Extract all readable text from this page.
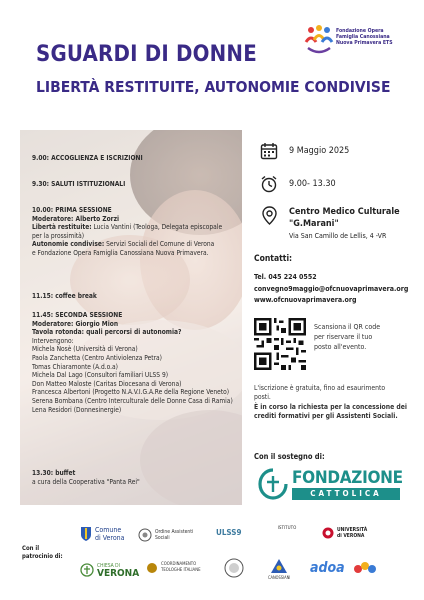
SGUARDI DI DONNE
LIBERTÀ RESTITUITE, AUTONOMIE CONDIVISE
Fondazione Opera
Famiglia Canossiana
Nuova Primavera ETS
9.00: ACCOGLIENZA E ISCRIZIONI
9.30: SALUTI ISTITUZIONALI
10.00: PRIMA SESSIONE
Moderatore: Alberto Zorzi
Libertà restituite: Lucia Vantini (Teologa, Delegata episcopale
per la prossimità)
Autonomie condivise: Servizi Sociali del Comune di Verona
e Fondazione Opera Famiglia Canossiana Nuova Primavera.
11.15: coffee break
11.45: SECONDA SESSIONE
Moderatore: Giorgio Mion
Tavola rotonda: quali percorsi di autonomia?
Intervengono:
Michela Nosè (Università di Verona)
Paola Zanchetta (Centro Antiviolenza Petra)
Tomas Chiaramonte (A.d.o.a)
Michela Dal Lago (Consultori familiari ULSS 9)
Don Matteo Maloste (Caritas Diocesana di Verona)
Francesca Albertoni (Progetto N.A.V.I.G.A.Re della Regione Veneto)
Serena Bombana (Centro Interculturale delle Donne Casa di Ramia)
Lena Residori (Donnesinergie)
13.30: buffet
a cura della Cooperativa "Panta Rei"
9 Maggio 2025
9.00- 13.30
Centro Medico Culturale
"G.Marani"
Via San Camillo de Lellis, 4 -VR
Contatti:
Tel. 045 224 0552
convegno9maggio@ofcnuovaprimavera.org
www.ofcnuovaprimavera.org
Scansiona il QR code
per riservare il tuo
posto all'evento.
L'iscrizione è gratuita, fino ad esaurimento
posti.
È in corso la richiesta per la concessione dei
crediti formativi per gli Assistenti Sociali.
Con il sostegno di:
FONDAZIONE
CATTOLICA
Con il
patrocinio di:
Comune
di Verona
Ordine Assistenti Sociali
ULSS9	ISTITUTO	UNIVERSITÀ
di VERONA
CHIESA DI
VERONA
COORDINAMENTO TEOLOGHE ITALIANE
CANOSSIANI
adoa
